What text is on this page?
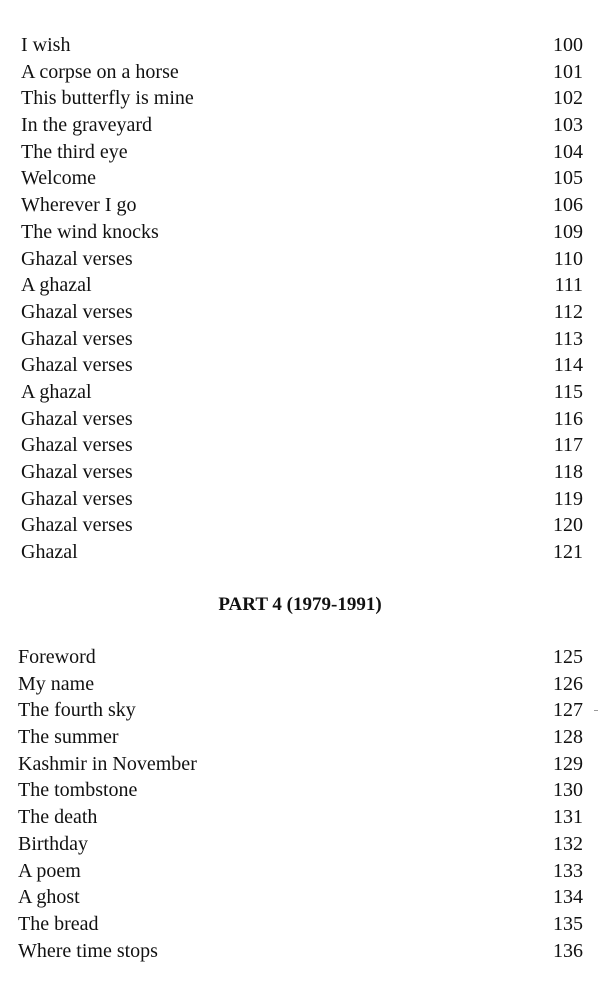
I wish	100
A corpse on a horse	101
This butterfly is mine	102
In the graveyard	103
The third eye	104
Welcome	105
Wherever I go	106
The wind knocks	109
Ghazal verses	110
A ghazal	111
Ghazal verses	112
Ghazal verses	113
Ghazal verses	114
A ghazal	115
Ghazal verses	116
Ghazal verses	117
Ghazal verses	118
Ghazal verses	119
Ghazal verses	120
Ghazal	121
PART 4 (1979-1991)
Foreword	125
My name	126
The fourth sky	127
The summer	128
Kashmir in November	129
The tombstone	130
The death	131
Birthday	132
A poem	133
A ghost	134
The bread	135
Where time stops	136
